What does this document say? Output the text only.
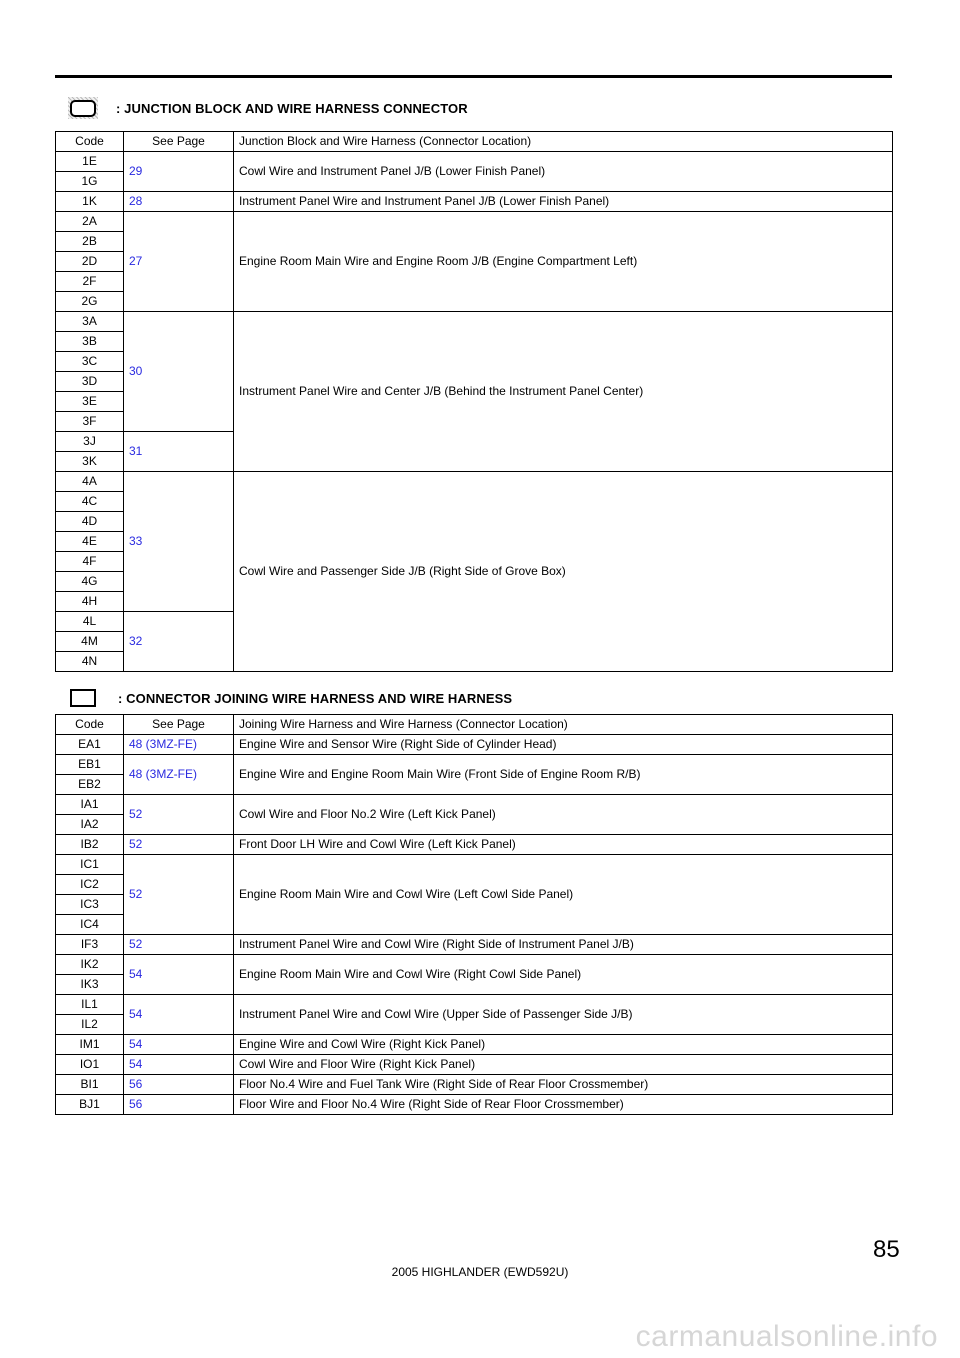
: JUNCTION BLOCK AND WIRE HARNESS CONNECTOR
Code	See Page	Junction Block and Wire Harness (Connector Location)
1E	29	Cowl Wire and Instrument Panel J/B (Lower Finish Panel)
1G		
1K	28	Instrument Panel Wire and Instrument Panel J/B (Lower Finish Panel)
2A	27	Engine Room Main Wire and Engine Room J/B (Engine Compartment Left)
2B		
2D		
2F		
2G		
3A	30	Instrument Panel Wire and Center J/B (Behind the Instrument Panel Center)
3B		
3C		
3D		
3E		
3F		
3J	31	
3K		
4A	33	Cowl Wire and Passenger Side J/B (Right Side of Grove Box)
4C		
4D		
4E		
4F		
4G		
4H		
4L	32	
4M		
4N		
: CONNECTOR JOINING WIRE HARNESS AND WIRE HARNESS
Code	See Page	Joining Wire Harness and Wire Harness (Connector Location)
EA1	48 (3MZ-FE)	Engine Wire and Sensor Wire (Right Side of Cylinder Head)
EB1	48 (3MZ-FE)	Engine Wire and Engine Room Main Wire (Front Side of Engine Room R/B)
EB2		
IA1	52	Cowl Wire and Floor No.2 Wire (Left Kick Panel)
IA2		
IB2	52	Front Door LH Wire and Cowl Wire (Left Kick Panel)
IC1	52	Engine Room Main Wire and Cowl Wire (Left Cowl Side Panel)
IC2		
IC3		
IC4		
IF3	52	Instrument Panel Wire and Cowl Wire (Right Side of Instrument Panel J/B)
IK2	54	Engine Room Main Wire and Cowl Wire (Right Cowl Side Panel)
IK3		
IL1	54	Instrument Panel Wire and Cowl Wire (Upper Side of Passenger Side J/B)
IL2		
IM1	54	Engine Wire and Cowl Wire (Right Kick Panel)
IO1	54	Cowl Wire and Floor Wire (Right Kick Panel)
BI1	56	Floor No.4 Wire and Fuel Tank Wire (Right Side of Rear Floor Crossmember)
BJ1	56	Floor Wire and Floor No.4 Wire (Right Side of Rear Floor Crossmember)
85
2005 HIGHLANDER (EWD592U)
carmanualsonline.info
